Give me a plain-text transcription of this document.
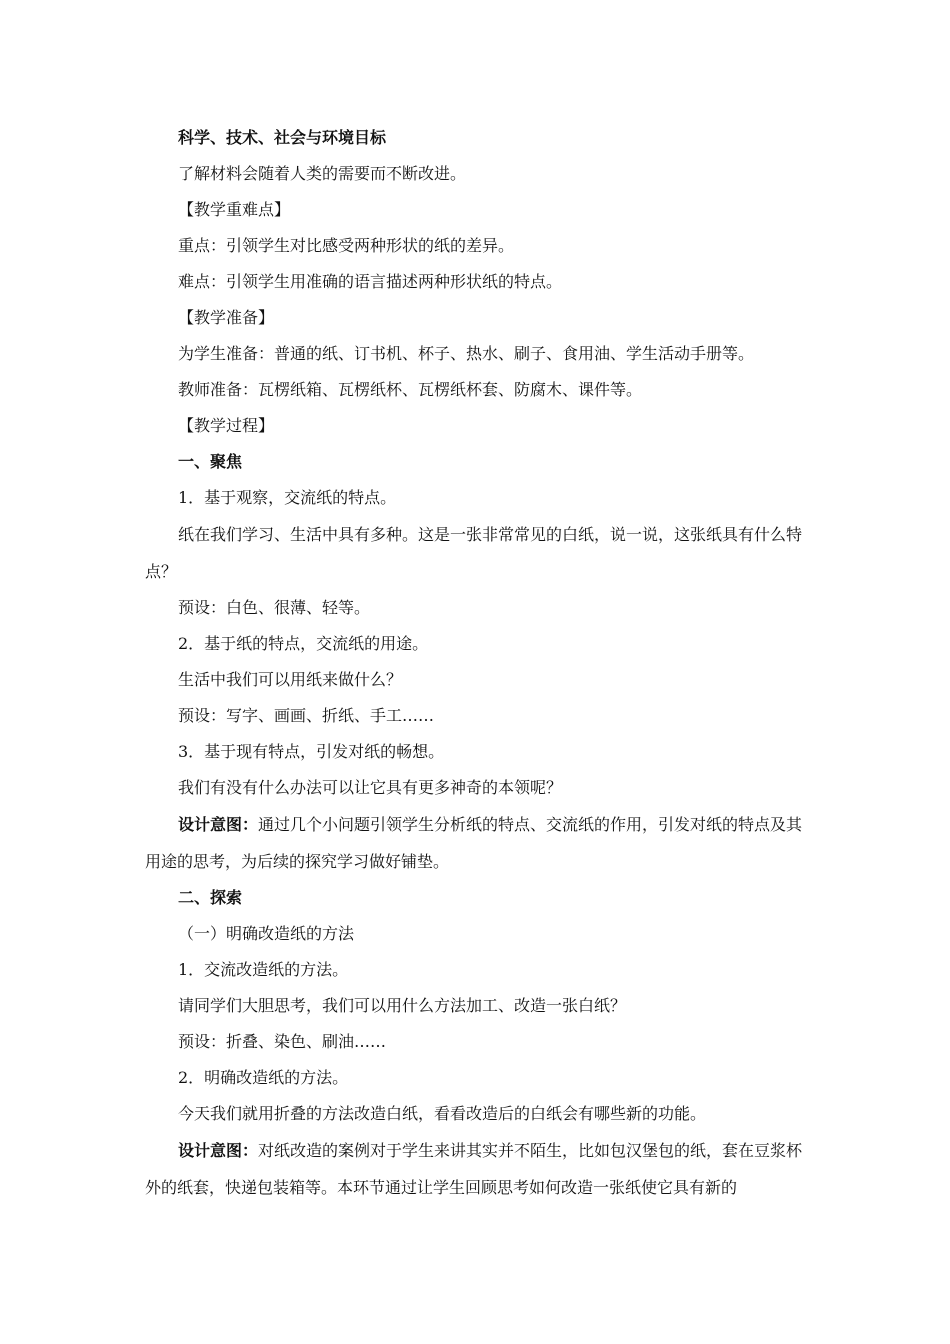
科学、技术、社会与环境目标

了解材料会随着人类的需要而不断改进。

【教学重难点】

重点：引领学生对比感受两种形状的纸的差异。

难点：引领学生用准确的语言描述两种形状纸的特点。

【教学准备】

为学生准备：普通的纸、订书机、杯子、热水、刷子、食用油、学生活动手册等。

教师准备：瓦楞纸箱、瓦楞纸杯、瓦楞纸杯套、防腐木、课件等。

【教学过程】

一、聚焦

1．基于观察，交流纸的特点。

纸在我们学习、生活中具有多种。这是一张非常常见的白纸，说一说，这张纸具有什么特点？

预设：白色、很薄、轻等。

2．基于纸的特点，交流纸的用途。

生活中我们可以用纸来做什么？

预设：写字、画画、折纸、手工……

3．基于现有特点，引发对纸的畅想。

我们有没有什么办法可以让它具有更多神奇的本领呢？

设计意图：通过几个小问题引领学生分析纸的特点、交流纸的作用，引发对纸的特点及其用途的思考，为后续的探究学习做好铺垫。

二、探索

（一）明确改造纸的方法

1．交流改造纸的方法。

请同学们大胆思考，我们可以用什么方法加工、改造一张白纸？

预设：折叠、染色、刷油……

2．明确改造纸的方法。

今天我们就用折叠的方法改造白纸，看看改造后的白纸会有哪些新的功能。

设计意图：对纸改造的案例对于学生来讲其实并不陌生，比如包汉堡包的纸，套在豆浆杯外的纸套，快递包装箱等。本环节通过让学生回顾思考如何改造一张纸使它具有新的
